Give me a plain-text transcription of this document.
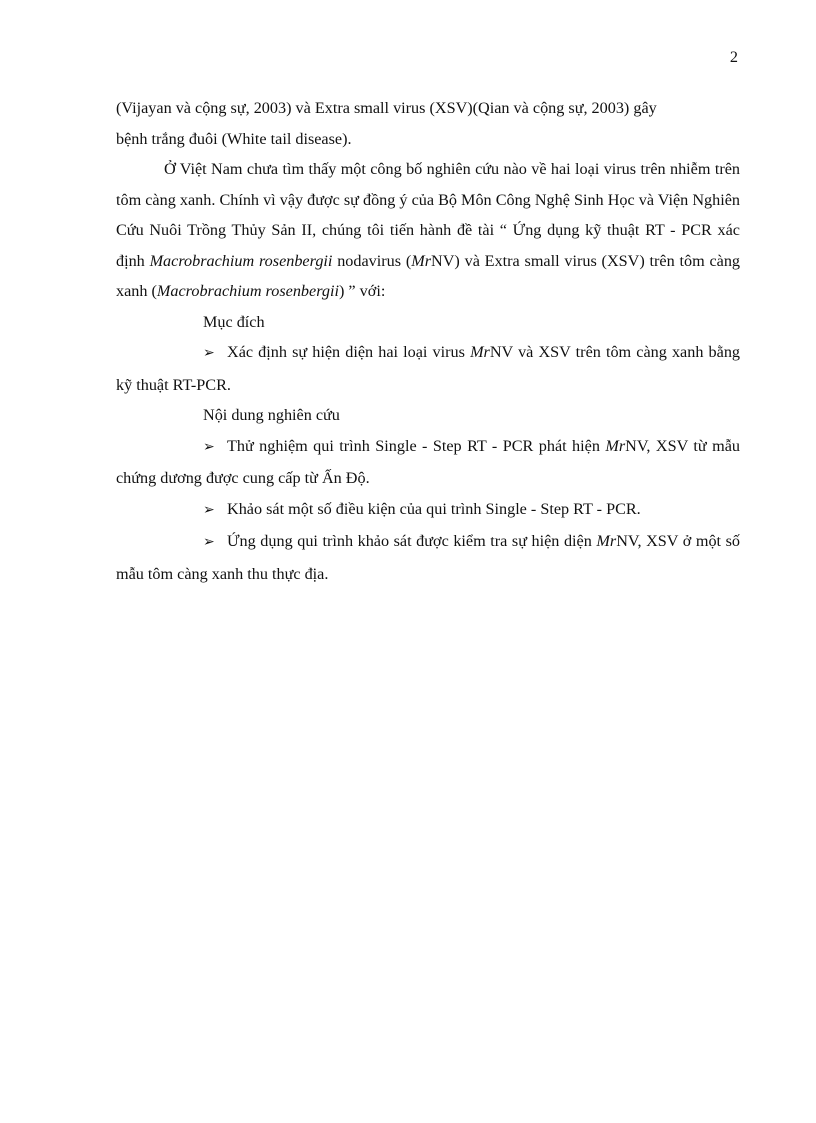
2

(Vijayan và cộng sự, 2003) và Extra small virus (XSV)(Qian và cộng sự, 2003) gây
bệnh trắng đuôi (White tail disease).

Ở Việt Nam chưa tìm thấy một công bố nghiên cứu nào về hai loại virus trên nhiễm trên tôm càng xanh. Chính vì vậy được sự đồng ý của Bộ Môn Công Nghệ Sinh Học và Viện Nghiên Cứu Nuôi Trồng Thủy Sản II, chúng tôi tiến hành đề tài “ Ứng dụng kỹ thuật RT - PCR xác định Macrobrachium rosenbergii nodavirus (MrNV) và Extra small virus (XSV) trên tôm càng xanh (Macrobrachium rosenbergii) ” với:

Mục đích

➢ Xác định sự hiện diện hai loại virus MrNV và XSV trên tôm càng xanh bằng kỹ thuật RT-PCR.

Nội dung nghiên cứu

➢ Thử nghiệm qui trình Single - Step RT - PCR phát hiện MrNV, XSV từ mẫu chứng dương được cung cấp từ Ấn Độ.

➢ Khảo sát một số điều kiện của qui trình Single - Step RT - PCR.

➢ Ứng dụng qui trình khảo sát được kiểm tra sự hiện diện MrNV, XSV ở một số mẫu tôm càng xanh thu thực địa.
